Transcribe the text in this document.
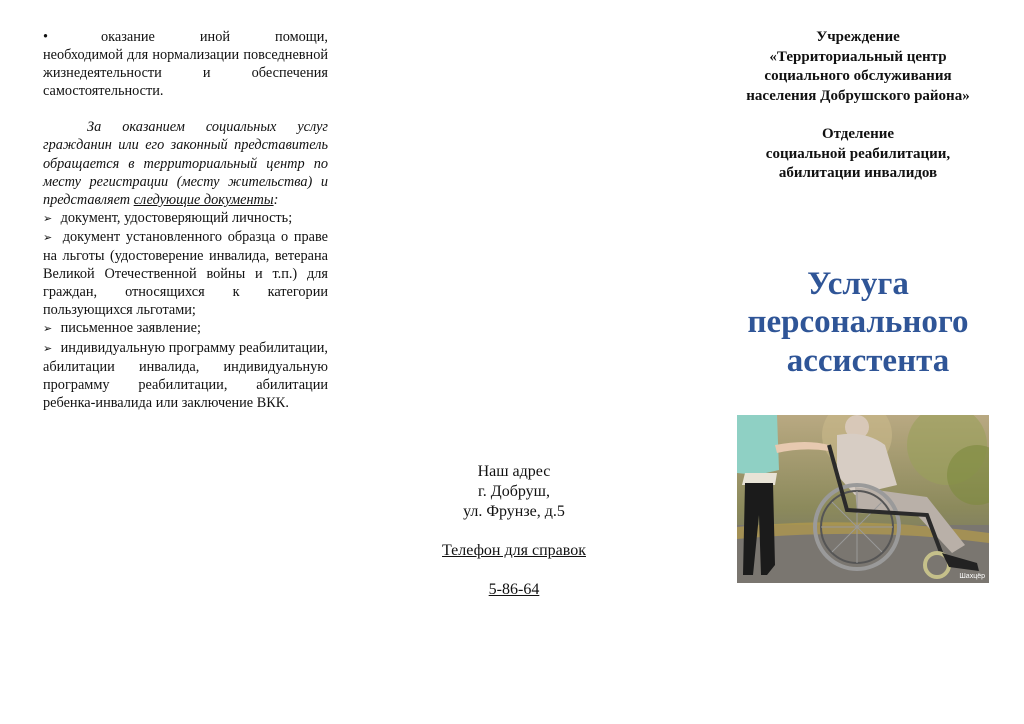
•	оказание иной помощи, необходимой для нормализации повседневной жизнедеятельности и обеспечения самостоятельности.

За оказанием социальных услуг гражданин или его законный представитель обращается в территориальный центр по месту регистрации (месту жительства) и представляет следующие документы:

➢ документ, удостоверяющий личность;

➢ документ установленного образца о праве на льготы (удостоверение инвалида, ветерана Великой Отечественной войны и т.п.) для граждан, относящихся к категории пользующихся льготами;

➢ письменное заявление;

➢ индивидуальную программу реабилитации, абилитации инвалида, индивидуальную программу реабилитации, абилитации ребенка-инвалида или заключение ВКК.

Наш адрес

г. Добруш,

ул. Фрунзе, д.5

Телефон для справок

5-86-64

Учреждение

«Территориальный центр

социального обслуживания

населения Добрушского района»

Отделение

социальной реабилитации,

абилитации инвалидов

Услуга
персонального
ассистента
Шахцёр
